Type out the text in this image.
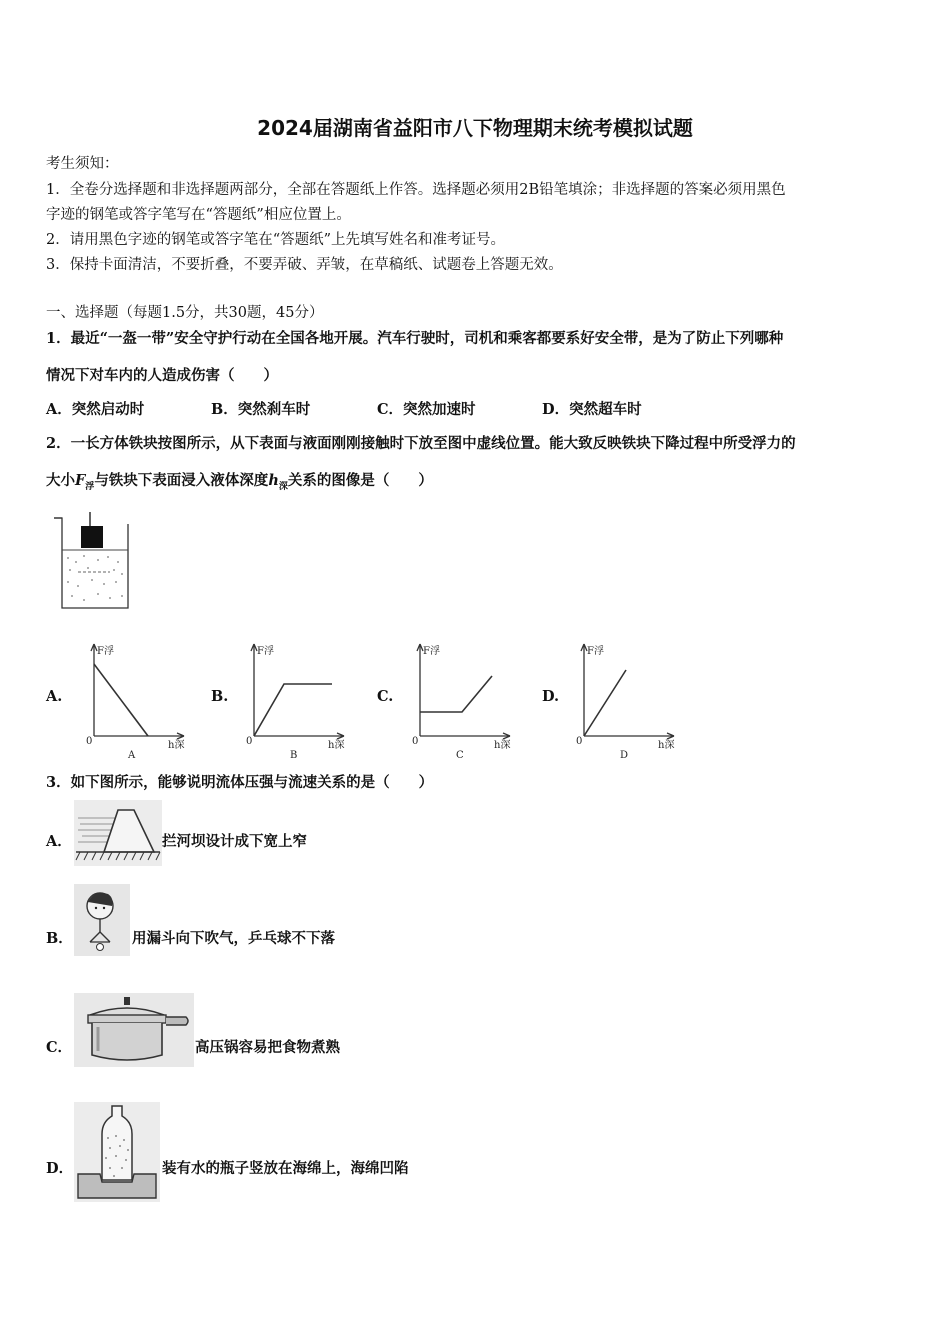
2024届湖南省益阳市八下物理期末统考模拟试题
考生须知：
1．全卷分选择题和非选择题两部分，全部在答题纸上作答。选择题必须用2B铅笔填涂；非选择题的答案必须用黑色
字迹的钢笔或答字笔写在“答题纸”相应位置上。
2．请用黑色字迹的钢笔或答字笔在“答题纸”上先填写姓名和准考证号。
3．保持卡面清洁，不要折叠，不要弄破、弄皱，在草稿纸、试题卷上答题无效。
一、选择题（每题1.5分，共30题，45分）
1．最近“一盔一带”安全守护行动在全国各地开展。汽车行驶时，司机和乘客都要系好安全带，是为了防止下列哪种
情况下对车内的人造成伤害（　　）
A．突然启动时	B．突然刹车时	C．突然加速时	D．突然超车时
2．一长方体铁块按图所示，从下表面与液面刚刚接触时下放至图中虚线位置。能大致反映铁块下降过程中所受浮力的
大小$F_浮$与铁块下表面浸入液体深度$h_深$关系的图像是（　　）
A.	B.	C.	D.
F浮
0	h深
A
F浮
0	h深
B
F浮
0	h深
C
F浮
0	h深
D
3．如下图所示，能够说明流体压强与流速关系的是（　　）
A．	拦河坝设计成下宽上窄
B．	用漏斗向下吹气，乒乓球不下落
C．	高压锅容易把食物煮熟
D．	装有水的瓶子竖放在海绵上，海绵凹陷
